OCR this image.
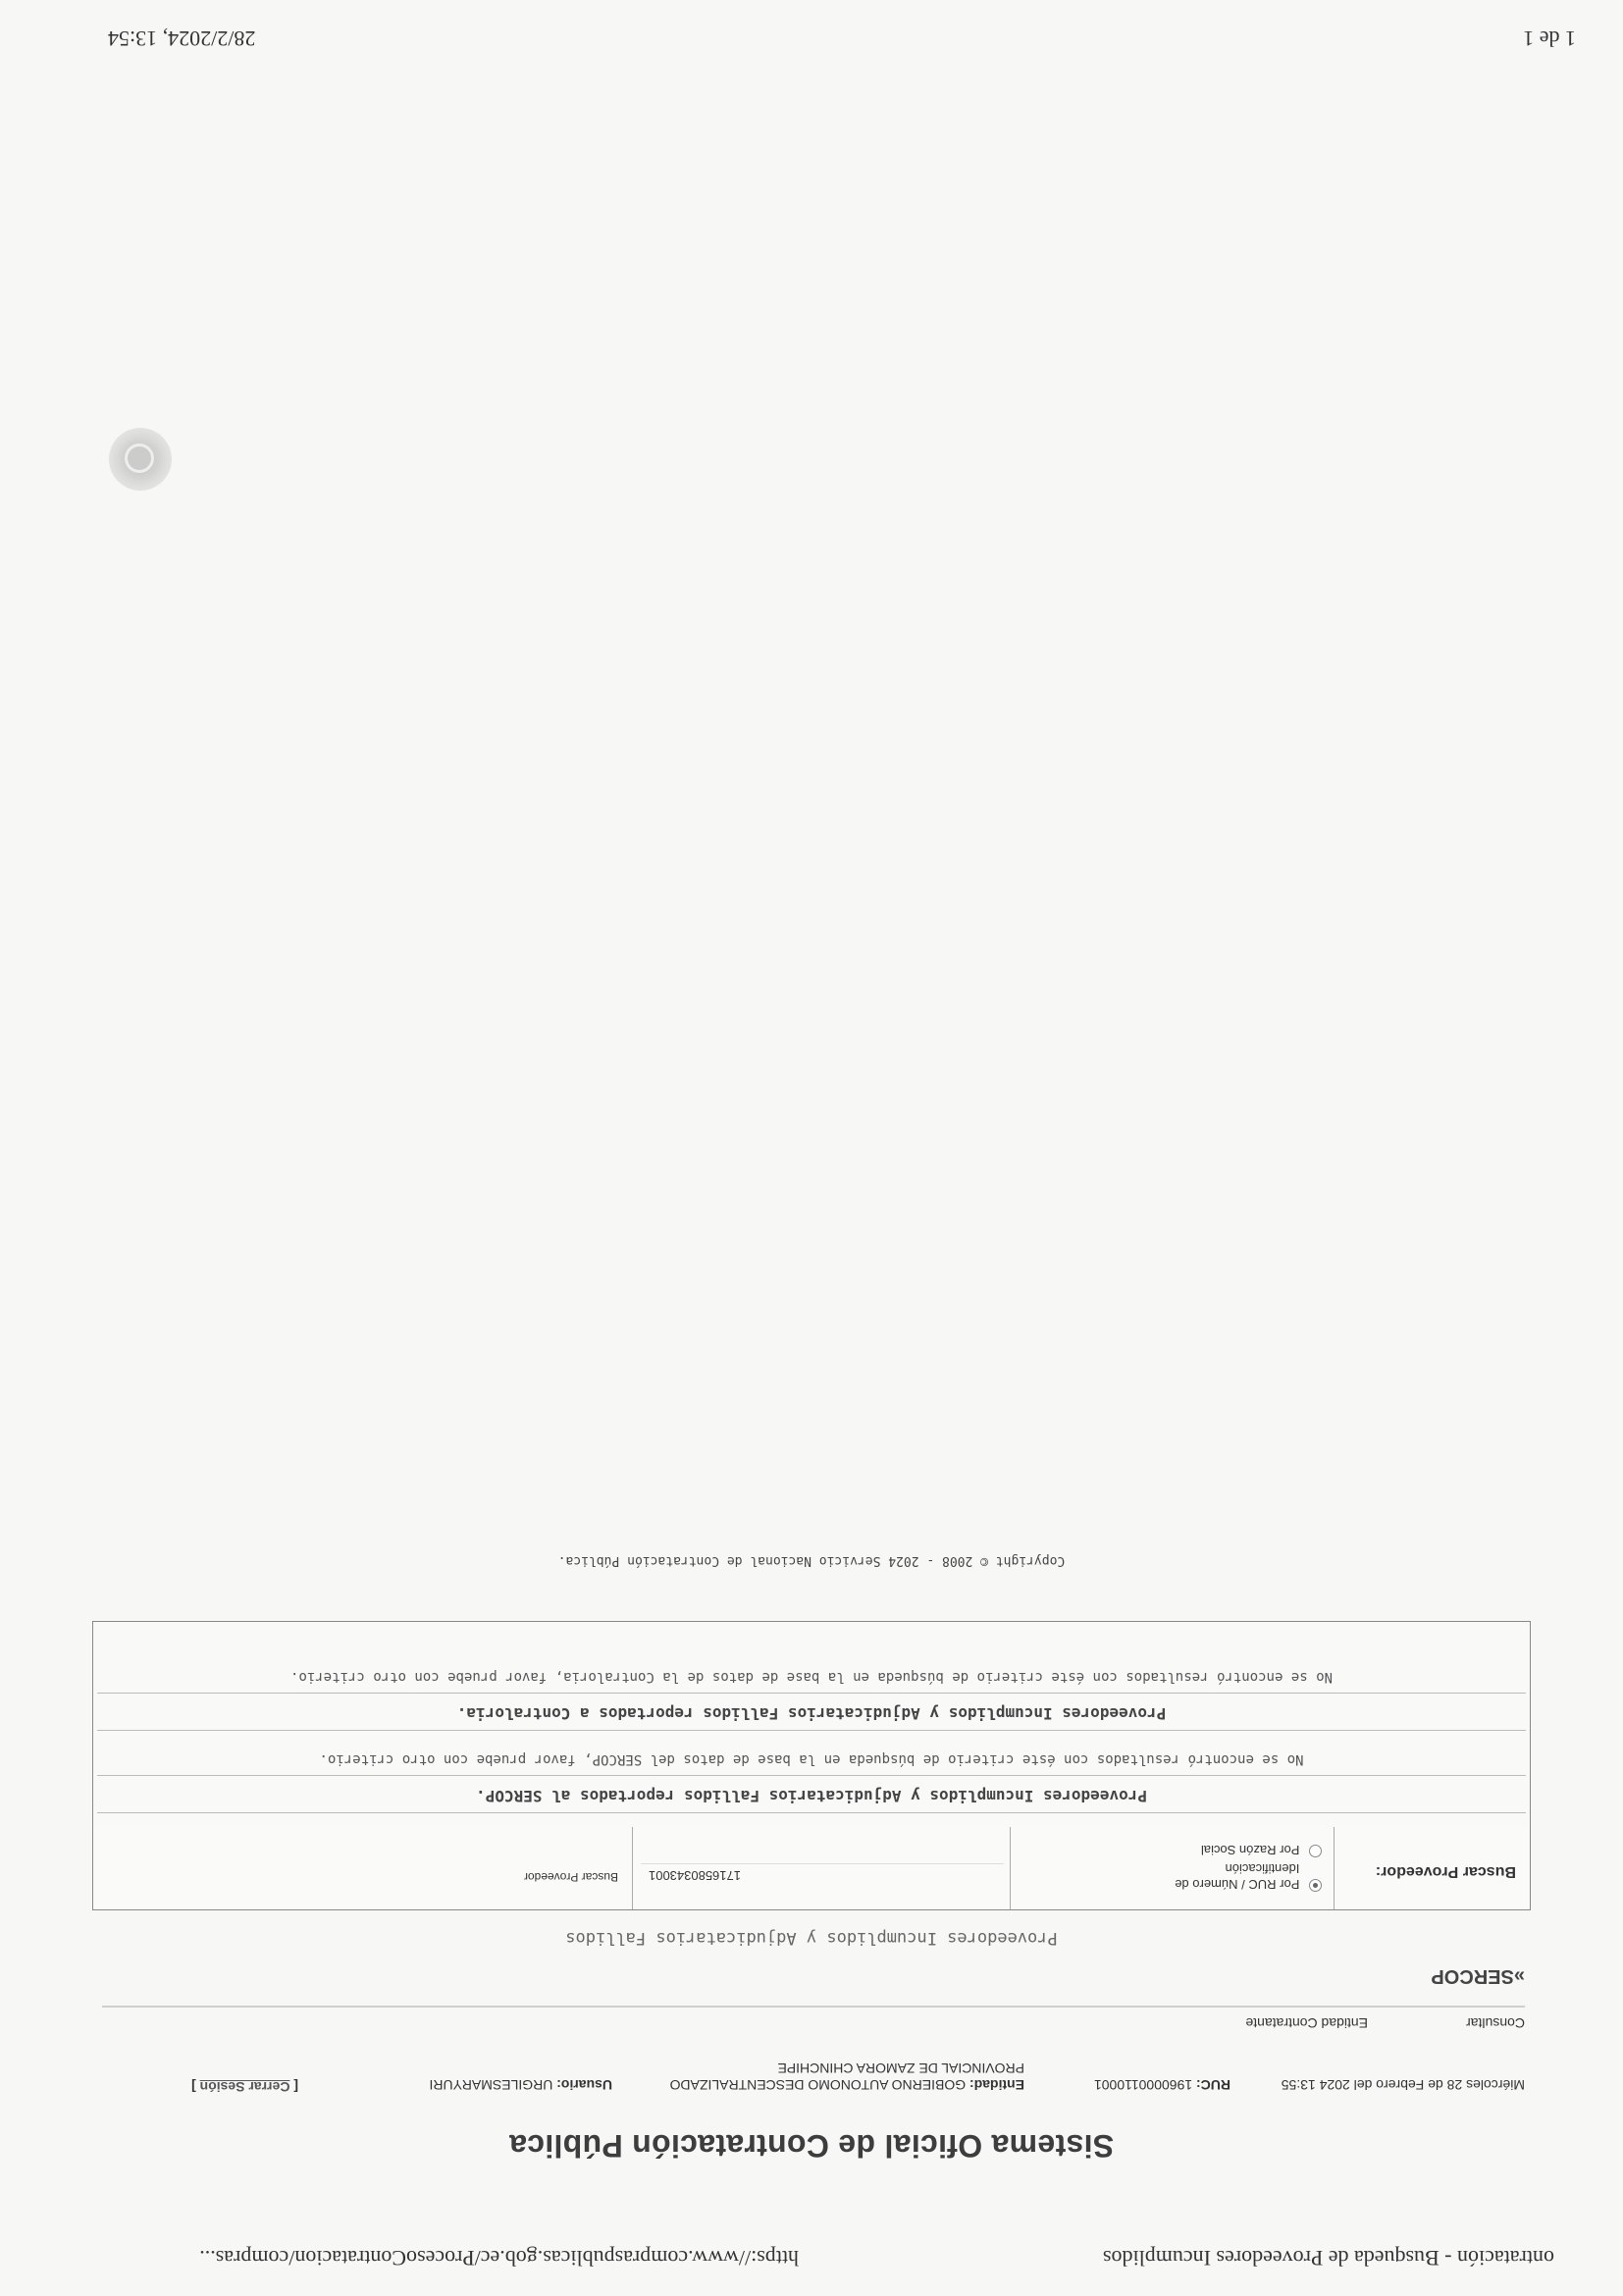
ontratación - Busqueda de Proveedores Incumplidos
https://www.compraspublicas.gob.ec/ProcesoContratacion/compras...
Sistema Oficial de Contratación Pública
Miércoles 28 de Febrero del 2024 13:55
RUC: 1960000110001
Entidad: GOBIERNO AUTONOMO DESCENTRALIZADO PROVINCIAL DE ZAMORA CHINCHIPE
Usuario: URGILESMARYURI
[ Cerrar Sesión ]
Consultar
Entidad Contratante
»SERCOP
Proveedores Incumplidos y Adjudicatarios Fallidos
Buscar Proveedor:
Por RUC / Número de Identificación
Por Razón Social
1716580343001
Buscar Proveedor
Proveedores Incumplidos y Adjudicatarios Fallidos reportados al SERCOP.
No se encontró resultados con éste criterio de búsqueda en la base de datos del SERCOP, favor pruebe con otro criterio.
Proveedores Incumplidos y Adjudicatarios Fallidos reportados a Contraloria.
No se encontró resultados con éste criterio de búsqueda en la base de datos de la Contraloria, favor pruebe con otro criterio.
Copyright © 2008 - 2024 Servicio Nacional de Contratación Pública.
1 de 1
28/2/2024, 13:54
